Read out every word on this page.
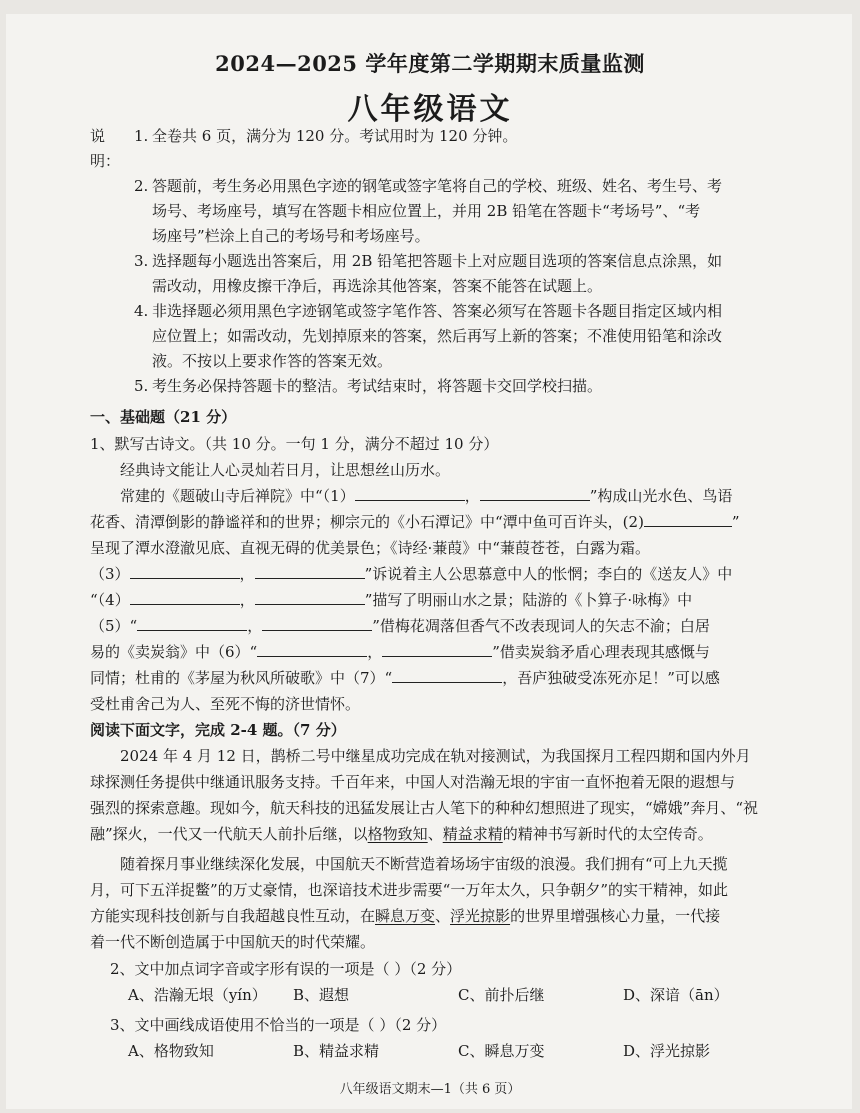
2024—2025 学年度第二学期期末质量监测
八年级语文
说明：
1. 全卷共 6 页，满分为 120 分。考试用时为 120 分钟。
2. 答题前，考生务必用黑色字迹的钢笔或签字笔将自己的学校、班级、姓名、考生号、考
场号、考场座号，填写在答题卡相应位置上，并用 2B 铅笔在答题卡“考场号”、“考
场座号”栏涂上自己的考场号和考场座号。
3. 选择题每小题选出答案后，用 2B 铅笔把答题卡上对应题目选项的答案信息点涂黑，如
需改动，用橡皮擦干净后，再选涂其他答案，答案不能答在试题上。
4. 非选择题必须用黑色字迹钢笔或签字笔作答、答案必须写在答题卡各题目指定区域内相
应位置上；如需改动，先划掉原来的答案，然后再写上新的答案；不准使用铅笔和涂改
液。不按以上要求作答的答案无效。
5. 考生务必保持答题卡的整洁。考试结束时，将答题卡交回学校扫描。
一、基础题（21 分）
1、默写古诗文。（共 10 分。一句 1 分，满分不超过 10 分）
经典诗文能让人心灵灿若日月，让思想丝山历水。
常建的《题破山寺后禅院》中“（1）	，	”构成山光水色、鸟语
花香、清潭倒影的静谧祥和的世界；柳宗元的《小石潭记》中“潭中鱼可百许头，(2)	”
呈现了潭水澄澈见底、直视无碍的优美景色；《诗经·蒹葭》中“蒹葭苍苍，白露为霜。
（3）	，	”诉说着主人公思慕意中人的怅惘；李白的《送友人》中
“（4）	，	”描写了明丽山水之景；陆游的《卜算子·咏梅》中
（5）“	，	”借梅花凋落但香气不改表现词人的矢志不渝；白居
易的《卖炭翁》中（6）“	，	”借卖炭翁矛盾心理表现其感慨与
同情；杜甫的《茅屋为秋风所破歌》中（7）“	，吾庐独破受冻死亦足！”可以感
受杜甫舍己为人、至死不悔的济世情怀。
阅读下面文字，完成 2-4 题。（7 分）
2024 年 4 月 12 日，鹊桥二号中继星成功完成在轨对接测试，为我国探月工程四期和国内外月
球探测任务提供中继通讯服务支持。千百年来，中国人对浩瀚无垠的宇宙一直怀抱着无限的遐想与
强烈的探索意趣。现如今，航天科技的迅猛发展让古人笔下的种种幻想照进了现实，“嫦娥”奔月、“祝
融”探火，一代又一代航天人前扑后继，以格物致知、精益求精的精神书写新时代的太空传奇。
随着探月事业继续深化发展，中国航天不断营造着场场宇宙级的浪漫。我们拥有“可上九天揽
月，可下五洋捉鳖”的万丈豪情，也深谙技术进步需要“一万年太久，只争朝夕”的实干精神，如此
方能实现科技创新与自我超越良性互动，在瞬息万变、浮光掠影的世界里增强核心力量，一代接
着一代不断创造属于中国航天的时代荣耀。
2、文中加点词字音或字形有误的一项是（ ）（2 分）
A、浩瀚无垠（yín）	B、遐想	C、前扑后继	D、深谙（ān）
3、文中画线成语使用不恰当的一项是（ ）（2 分）
A、格物致知	B、精益求精	C、瞬息万变	D、浮光掠影
八年级语文期末—1（共 6 页）
